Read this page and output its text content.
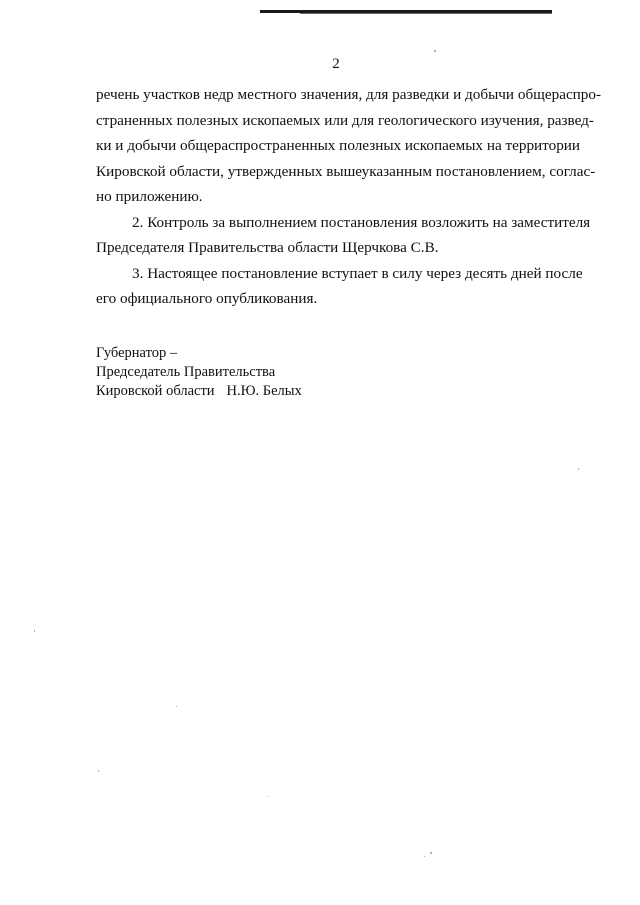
2
речень участков недр местного значения, для разведки и добычи общераспро-
страненных полезных ископаемых или для геологического изучения, развед-
ки и добычи общераспространенных полезных ископаемых на территории
Кировской области, утвержденных вышеуказанным постановлением, соглас-
но приложению.
2. Контроль за выполнением постановления возложить на заместителя
Председателя Правительства области Щерчкова С.В.
3. Настоящее постановление вступает в силу через десять дней после
его официального опубликования.
Губернатор –
Председатель Правительства
Кировской области Н.Ю. Белых
